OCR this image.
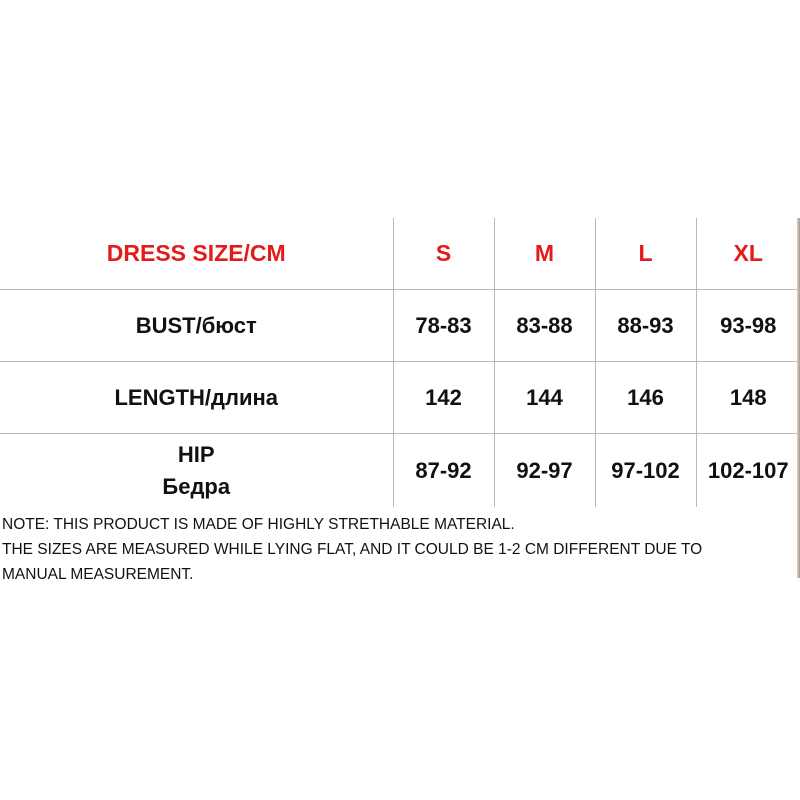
DRESS SIZE/CM	S	M	L	XL

BUST/бюст	78-83	83-88	88-93	93-98

LENGTH/длина	142	144	146	148

HIP
Бедра	87-92	92-97	97-102	102-107
NOTE: THIS PRODUCT IS MADE OF HIGHLY STRETHABLE MATERIAL.
THE SIZES ARE MEASURED WHILE LYING FLAT, AND IT COULD BE 1-2 CM DIFFERENT DUE TO
MANUAL MEASUREMENT.
